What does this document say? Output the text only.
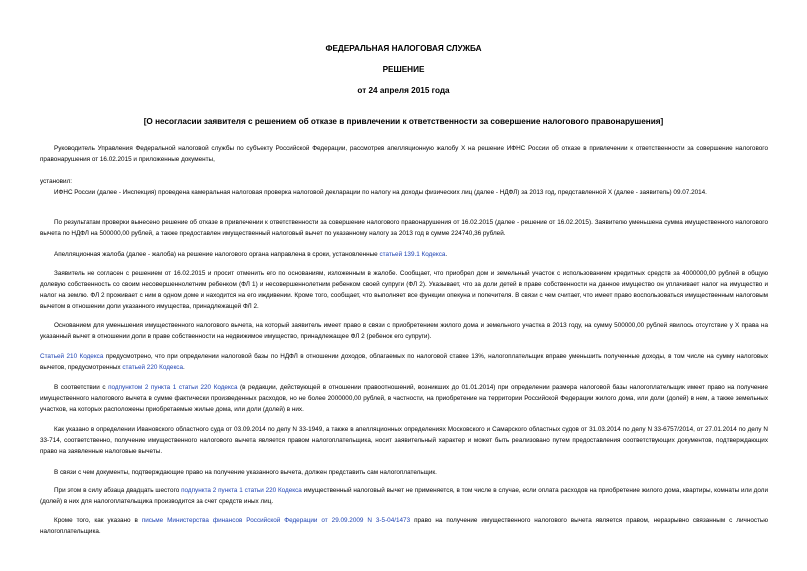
ФЕДЕРАЛЬНАЯ НАЛОГОВАЯ СЛУЖБА
РЕШЕНИЕ
от 24 апреля 2015 года
[О несогласии заявителя с решением об отказе в привлечении к ответственности за совершение налогового правонарушения]
Руководитель Управления Федеральной налоговой службы по субъекту Российской Федерации, рассмотрев апелляционную жалобу Х на решение ИФНС России об отказе в привлечении к ответственности за совершение налогового правонарушения от 16.02.2015 и приложенные документы,
установил:
ИФНС России (далее - Инспекция) проведена камеральная налоговая проверка налоговой декларации по налогу на доходы физических лиц (далее - НДФЛ) за 2013 год, представленной Х (далее - заявитель) 09.07.2014.
По результатам проверки вынесено решение об отказе в привлечении к ответственности за совершение налогового правонарушения от 16.02.2015 (далее - решение от 16.02.2015). Заявителю уменьшена сумма имущественного налогового вычета по НДФЛ на 500000,00 рублей, а также предоставлен имущественный налоговый вычет по указанному налогу за 2013 год в сумме 224740,36 рублей.
Апелляционная жалоба (далее - жалоба) на решение налогового органа направлена в сроки, установленные статьей 139.1 Кодекса.
Заявитель не согласен с решением от 16.02.2015 и просит отменить его по основаниям, изложенным в жалобе. Сообщает, что приобрел дом и земельный участок с использованием кредитных средств за 4000000,00 рублей в общую долевую собственность со своим несовершеннолетним ребенком (ФЛ 1) и несовершеннолетним ребенком своей супруги (ФЛ 2). Указывает, что за доли детей в праве собственности на данное имущество он уплачивает налог на имущество и налог на землю. ФЛ 2 проживает с ним в одном доме и находится на его иждивении. Кроме того, сообщает, что выполняет все функции опекуна и попечителя. В связи с чем считает, что имеет право воспользоваться имущественным налоговым вычетом в отношении доли указанного имущества, принадлежащей ФЛ 2.
Основанием для уменьшения имущественного налогового вычета, на который заявитель имеет право в связи с приобретением жилого дома и земельного участка в 2013 году, на сумму 500000,00 рублей явилось отсутствие у Х права на указанный вычет в отношении доли в праве собственности на недвижимое имущество, принадлежащее ФЛ 2 (ребенок его супруги).
Статьей 210 Кодекса предусмотрено, что при определении налоговой базы по НДФЛ в отношении доходов, облагаемых по налоговой ставке 13%, налогоплательщик вправе уменьшить полученные доходы, в том числе на сумму налоговых вычетов, предусмотренных статьей 220 Кодекса.
В соответствии с подпунктом 2 пункта 1 статьи 220 Кодекса (в редакции, действующей в отношении правоотношений, возникших до 01.01.2014) при определении размера налоговой базы налогоплательщик имеет право на получение имущественного налогового вычета в сумме фактически произведенных расходов, но не более 2000000,00 рублей, в частности, на приобретение на территории Российской Федерации жилого дома, или доли (долей) в нем, а также земельных участков, на которых расположены приобретаемые жилые дома, или доли (долей) в них.
Как указано в определении Ивановского областного суда от 03.09.2014 по делу N 33-1949, а также в апелляционных определениях Московского и Самарского областных судов от 31.03.2014 по делу N 33-6757/2014, от 27.01.2014 по делу N 33-714, соответственно, получение имущественного налогового вычета является правом налогоплательщика, носит заявительный характер и может быть реализовано путем предоставления соответствующих документов, подтверждающих право на заявленные налоговые вычеты.
В связи с чем документы, подтверждающие право на получение указанного вычета, должен представить сам налогоплательщик.
При этом в силу абзаца двадцать шестого подпункта 2 пункта 1 статьи 220 Кодекса имущественный налоговый вычет не применяется, в том числе в случае, если оплата расходов на приобретение жилого дома, квартиры, комнаты или доли (долей) в них для налогоплательщика производится за счет средств иных лиц.
Кроме того, как указано в письме Министерства финансов Российской Федерации от 29.09.2009 N 3-5-04/1473 право на получение имущественного налогового вычета является правом, неразрывно связанным с личностью налогоплательщика.
